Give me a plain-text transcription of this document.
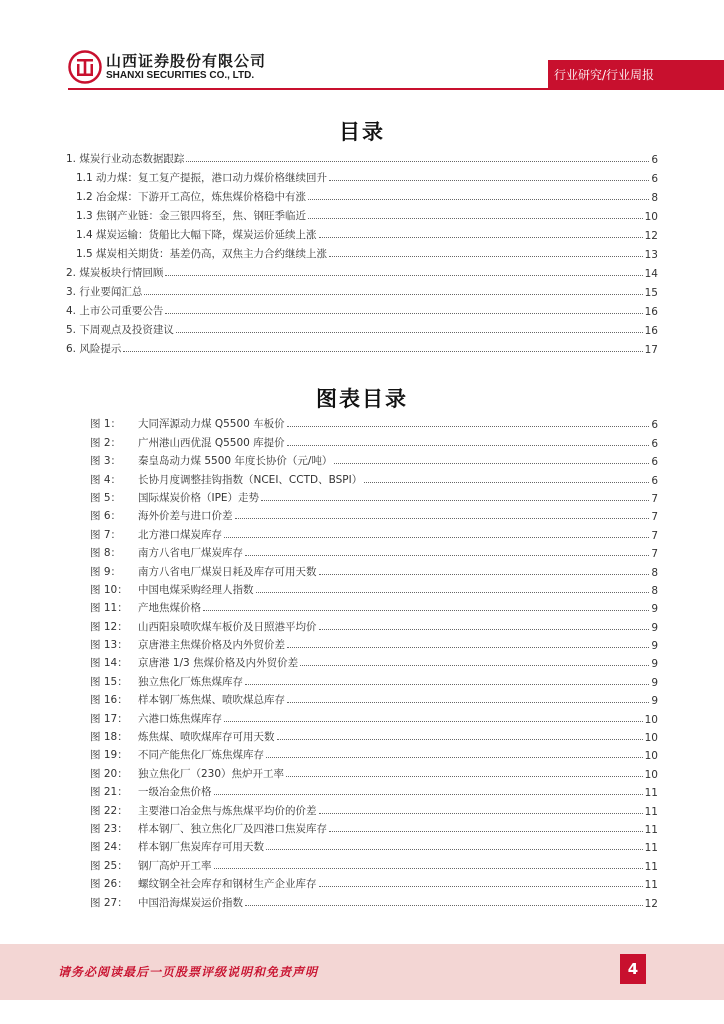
山西证券股份有限公司
SHANXI SECURITIES CO., LTD.	行业研究/行业周报
目录
1. 煤炭行业动态数据跟踪	6
1.1 动力煤：复工复产提振，港口动力煤价格继续回升	6
1.2 冶金煤：下游开工高位，炼焦煤价格稳中有涨	8
1.3 焦钢产业链：金三银四将至，焦、钢旺季临近	10
1.4 煤炭运输：货船比大幅下降，煤炭运价延续上涨	12
1.5 煤炭相关期货：基差仍高，双焦主力合约继续上涨	13
2. 煤炭板块行情回顾	14
3. 行业要闻汇总	15
4. 上市公司重要公告	16
5. 下周观点及投资建议	16
6. 风险提示	17
图表目录
图 1：	大同浑源动力煤 Q5500 车板价	6
图 2：	广州港山西优混 Q5500 库提价	6
图 3：	秦皇岛动力煤 5500 年度长协价（元/吨）	6
图 4：	长协月度调整挂钩指数（NCEI、CCTD、BSPI）	6
图 5：	国际煤炭价格（IPE）走势	7
图 6：	海外价差与进口价差	7
图 7：	北方港口煤炭库存	7
图 8：	南方八省电厂煤炭库存	7
图 9：	南方八省电厂煤炭日耗及库存可用天数	8
图 10： 中国电煤采购经理人指数	8
图 11： 产地焦煤价格	9
图 12： 山西阳泉喷吹煤车板价及日照港平均价	9
图 13： 京唐港主焦煤价格及内外贸价差	9
图 14： 京唐港 1/3 焦煤价格及内外贸价差	9
图 15： 独立焦化厂炼焦煤库存	9
图 16： 样本钢厂炼焦煤、喷吹煤总库存	9
图 17： 六港口炼焦煤库存	10
图 18： 炼焦煤、喷吹煤库存可用天数	10
图 19： 不同产能焦化厂炼焦煤库存	10
图 20： 独立焦化厂（230）焦炉开工率	10
图 21： 一级冶金焦价格	11
图 22： 主要港口冶金焦与炼焦煤平均价的价差	11
图 23： 样本钢厂、独立焦化厂及四港口焦炭库存	11
图 24： 样本钢厂焦炭库存可用天数	11
图 25： 钢厂高炉开工率	11
图 26： 螺纹钢全社会库存和钢材生产企业库存	11
图 27： 中国沿海煤炭运价指数	12
请务必阅读最后一页股票评级说明和免责声明	4
